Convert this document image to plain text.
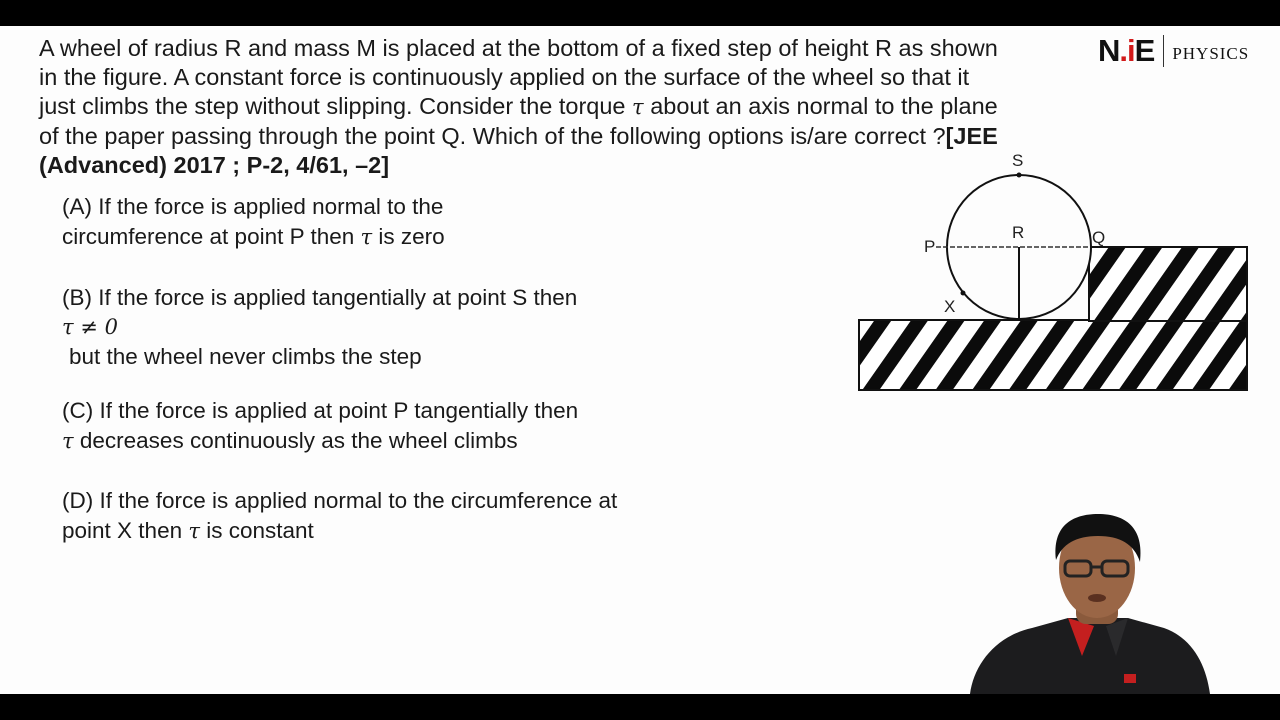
A wheel of radius R and mass M is placed at the bottom of a fixed step of height R as shown in the figure. A constant force is continuously applied on the surface of the wheel so that it just climbs the step without slipping. Consider the torque τ about an axis normal to the plane of the paper passing through the point Q. Which of the following options is/are correct ?[JEE (Advanced) 2017 ; P-2, 4/61, –2]

(A) If the force is applied normal to the
circumference at point P then τ is zero
(B) If the force is applied tangentially at point S then
τ ≠ 0
but the wheel never climbs the step
(C) If the force is applied at point P tangentially then
τ decreases continuously as the wheel climbs
(D) If the force is applied normal to the circumference at
point X then τ is constant
N.iE PHYSICS
S
R
P	Q
X
